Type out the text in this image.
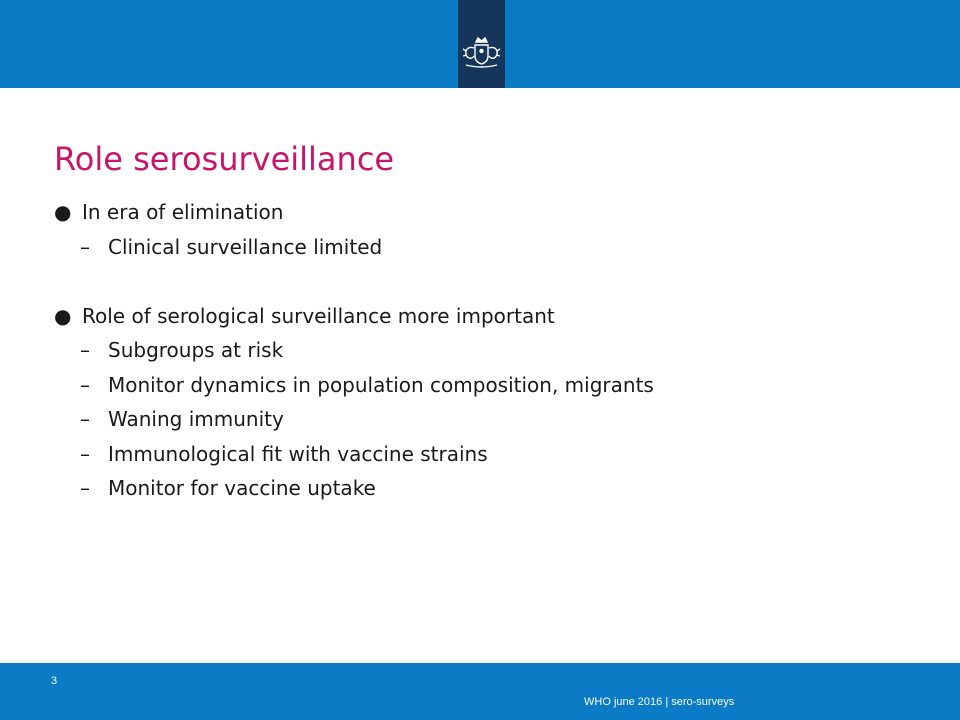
Role serosurveillance
● In era of elimination
– Clinical surveillance limited
● Role of serological surveillance more important
– Subgroups at risk
– Monitor dynamics in population composition, migrants
– Waning immunity
– Immunological fit with vaccine strains
– Monitor for vaccine uptake
3
WHO june 2016 | sero-surveys
